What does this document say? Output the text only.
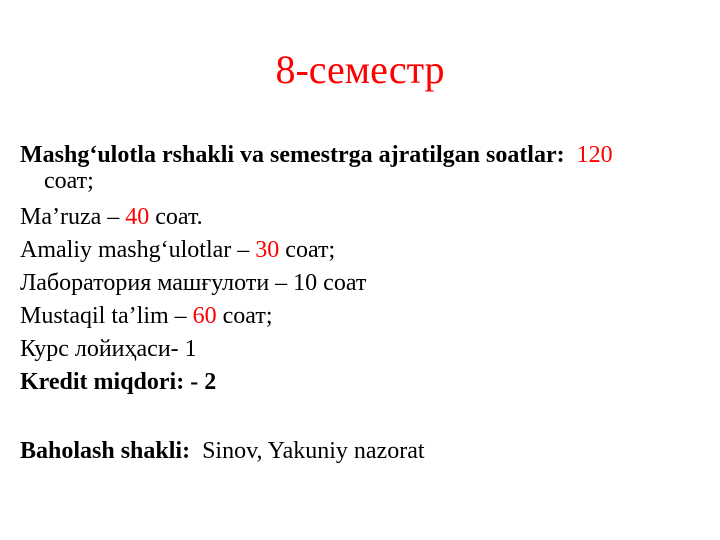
8-семестр

Mashg‘ulotla rshakli va semestrga ajratilgan soatlar: 120
соат;

Ma’ruza – 40 соат.

Amaliy mashg‘ulotlar – 30 соат;

Лаборатория машғулоти – 10 соат

Mustaqil ta’lim – 60 соат;

Курс лойиҳаси- 1

Kredit miqdori: - 2

Baholash shakli: Sinov, Yakuniy nazorat
